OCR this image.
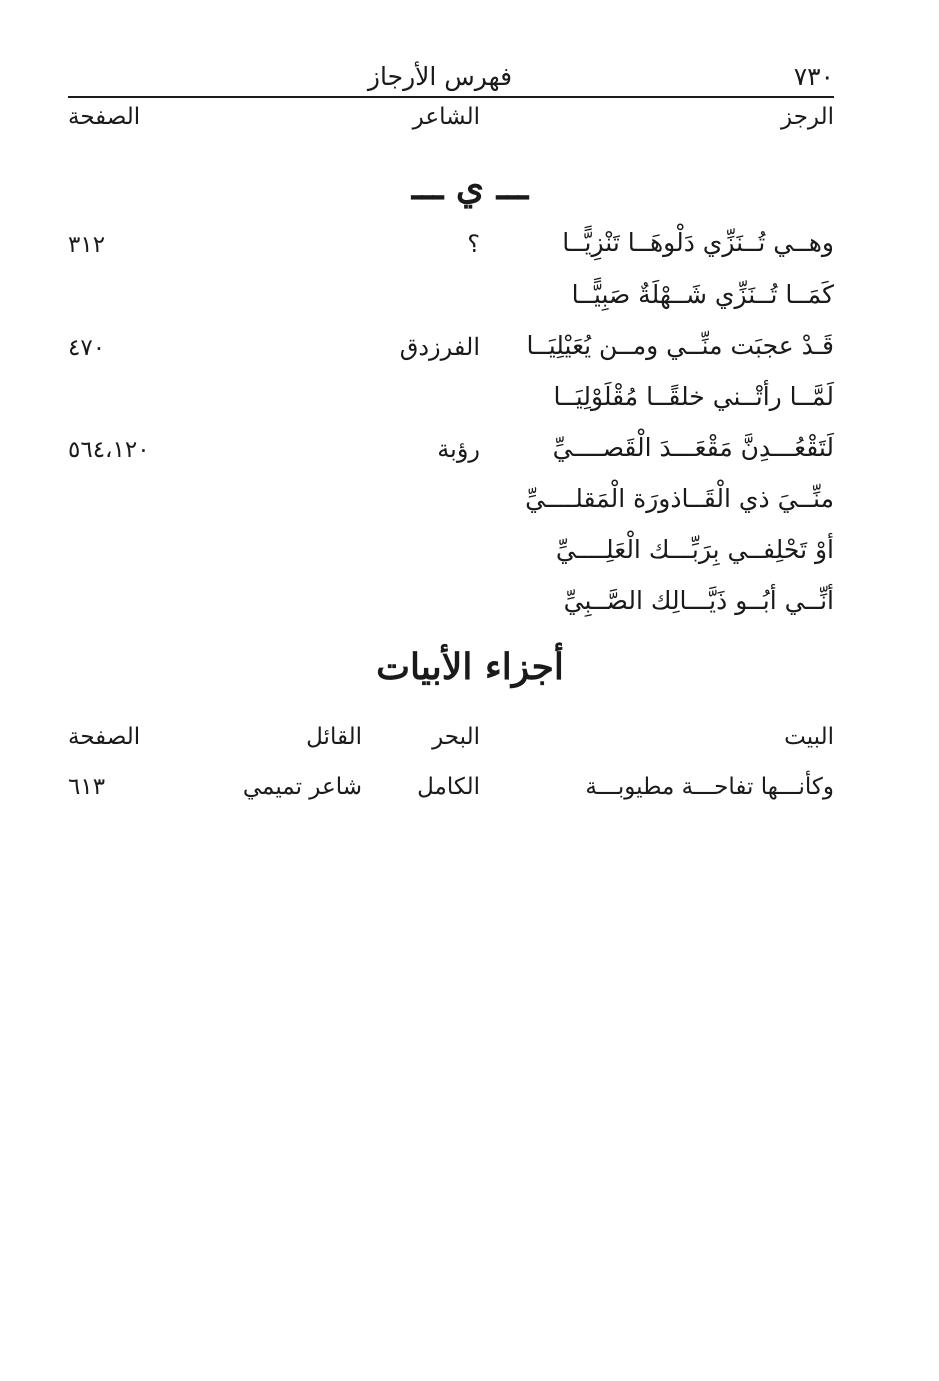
٧٣٠
فهرس الأرجاز
الرجز
الشاعر
الصفحة
ـــ ي ـــ
وهــي تُــنَزِّي دَلْوهَــا تَنْزِيًّــا
؟
٣١٢
كَمَــا تُــنَزِّي شَــهْلَةٌ صَبِيًّــا
قَـدْ عجبَت منِّــي ومــن يُعَيْلِيَــا
الفرزدق
٤٧٠
لَمَّــا رأتْــني خلقًــا مُقْلَوْلِيَــا
لَتَقْعُـــدِنَّ مَقْعَـــدَ الْقَصــــيِّ
رؤبة
٥٦٤،١٢٠
منِّــيَ ذي الْقَــاذورَة الْمَقلــــيِّ
أوْ تَحْلِفــي بِرَبِّـــك الْعَلِــــيِّ
أنِّــي أبُــو ذَيَّـــالِك الصَّــبِيِّ
أجزاء الأبيات
البيت
البحر
القائل
الصفحة
وكأنـــها تفاحـــة مطيوبـــة
الكامل
شاعر تميمي
٦١٣
